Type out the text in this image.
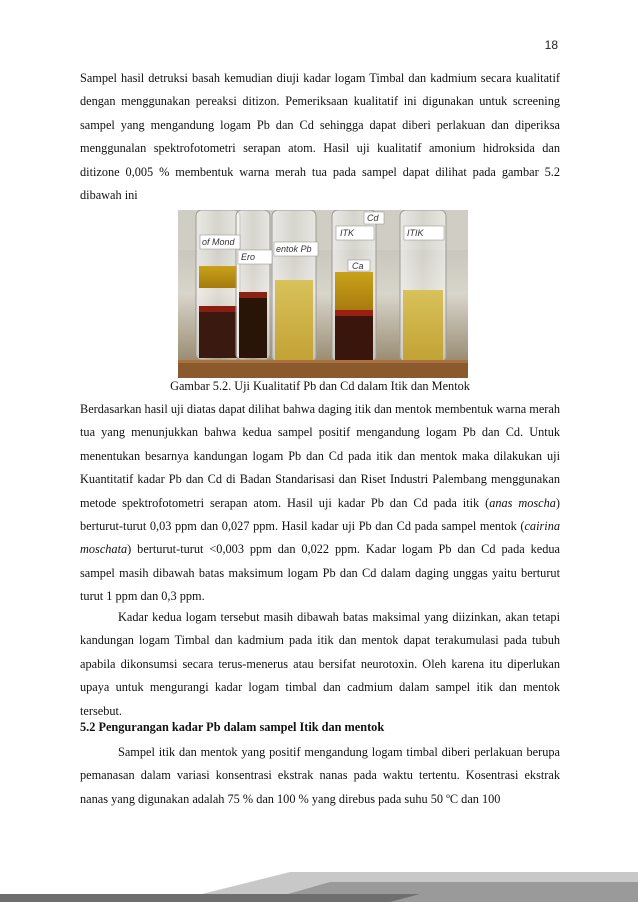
18

Sampel hasil detruksi basah kemudian diuji kadar logam Timbal dan kadmium secara kualitatif dengan menggunakan pereaksi ditizon. Pemeriksaan kualitatif ini digunakan untuk screening sampel yang mengandung logam Pb dan Cd sehingga dapat diberi perlakuan dan diperiksa menggunalan spektrofotometri serapan atom. Hasil uji kualitatif amonium hidroksida dan ditizone 0,005 % membentuk warna merah tua pada sampel dapat dilihat pada gambar 5.2 dibawah ini

of Mond
Ero
entok Pb
ITK
Cd
ITIK
Ca

Gambar 5.2. Uji Kualitatif Pb dan Cd dalam Itik dan Mentok

Berdasarkan hasil uji diatas dapat dilihat bahwa daging itik dan mentok membentuk warna merah tua yang menunjukkan bahwa kedua sampel positif mengandung logam Pb dan Cd. Untuk menentukan besarnya kandungan logam Pb dan Cd pada itik dan mentok maka dilakukan uji Kuantitatif kadar Pb dan Cd di Badan Standarisasi dan Riset Industri Palembang menggunakan metode spektrofotometri serapan atom. Hasil uji kadar Pb dan Cd pada itik (anas moscha) berturut-turut 0,03 ppm dan 0,027 ppm. Hasil kadar uji Pb dan Cd pada sampel mentok (cairina moschata) berturut-turut <0,003 ppm dan 0,022 ppm. Kadar logam Pb dan Cd pada kedua sampel masih dibawah batas maksimum logam Pb dan Cd dalam daging unggas yaitu berturut turut 1 ppm dan 0,3 ppm.

Kadar kedua logam tersebut masih dibawah batas maksimal yang diizinkan, akan tetapi kandungan logam Timbal dan kadmium pada itik dan mentok dapat terakumulasi pada tubuh apabila dikonsumsi secara terus-menerus atau bersifat neurotoxin. Oleh karena itu diperlukan upaya untuk mengurangi kadar logam timbal dan cadmium dalam sampel itik dan mentok tersebut.

5.2 Pengurangan kadar Pb dalam sampel Itik dan mentok

Sampel itik dan mentok yang positif mengandung logam timbal diberi perlakuan berupa pemanasan dalam variasi konsentrasi ekstrak nanas pada waktu tertentu. Kosentrasi ekstrak nanas yang digunakan adalah 75 % dan 100 % yang direbus pada suhu 50 ºC dan 100
